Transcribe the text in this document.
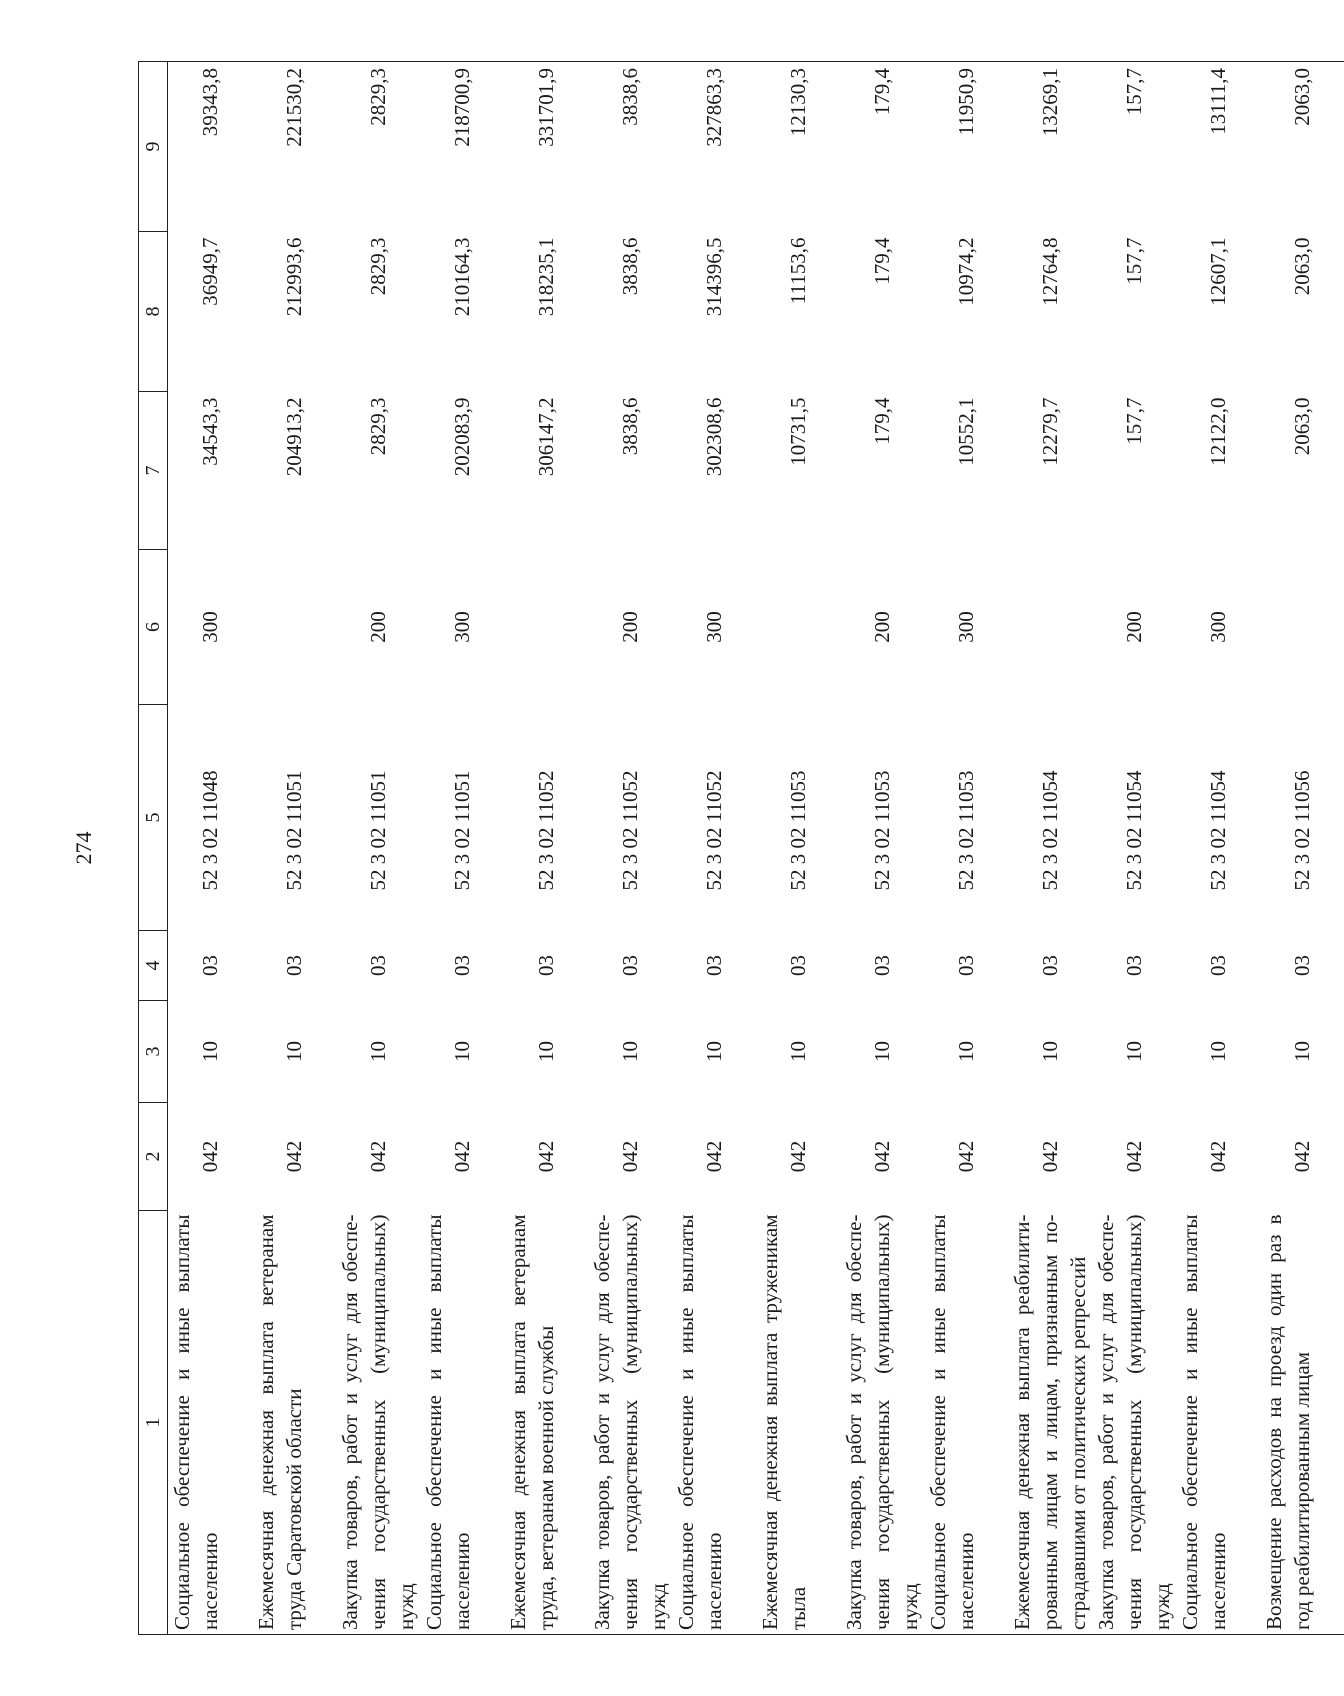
274
1	2	3	4	5	6	7	8	9

Социальное обеспечение и иные выплаты населению	042	10	03	52 3 02 11048	300	34543,3	36949,7	39343,8

Ежемесячная денежная выплата ветеранам труда Саратовской области	042	10	03	52 3 02 11051		204913,2	212993,6	221530,2

Закупка товаров, работ и услуг для обеспе- чения государственных (муниципальных) нужд	042	10	03	52 3 02 11051	200	2829,3	2829,3	2829,3

Социальное обеспечение и иные выплаты населению	042	10	03	52 3 02 11051	300	202083,9	210164,3	218700,9

Ежемесячная денежная выплата ветеранам труда, ветеранам военной службы	042	10	03	52 3 02 11052		306147,2	318235,1	331701,9

Закупка товаров, работ и услуг для обеспе- чения государственных (муниципальных) нужд	042	10	03	52 3 02 11052	200	3838,6	3838,6	3838,6

Социальное обеспечение и иные выплаты населению	042	10	03	52 3 02 11052	300	302308,6	314396,5	327863,3

Ежемесячная денежная выплата труженикам тыла	042	10	03	52 3 02 11053		10731,5	11153,6	12130,3

Закупка товаров, работ и услуг для обеспе- чения государственных (муниципальных) нужд	042	10	03	52 3 02 11053	200	179,4	179,4	179,4

Социальное обеспечение и иные выплаты населению	042	10	03	52 3 02 11053	300	10552,1	10974,2	11950,9

Ежемесячная денежная выплата реабилити- рованным лицам и лицам, признанным по- страдавшими от политических репрессий	042	10	03	52 3 02 11054		12279,7	12764,8	13269,1

Закупка товаров, работ и услуг для обеспе- чения государственных (муниципальных) нужд	042	10	03	52 3 02 11054	200	157,7	157,7	157,7

Социальное обеспечение и иные выплаты населению	042	10	03	52 3 02 11054	300	12122,0	12607,1	13111,4

Возмещение расходов на проезд один раз в год реабилитированным лицам	042	10	03	52 3 02 11056		2063,0	2063,0	2063,0
